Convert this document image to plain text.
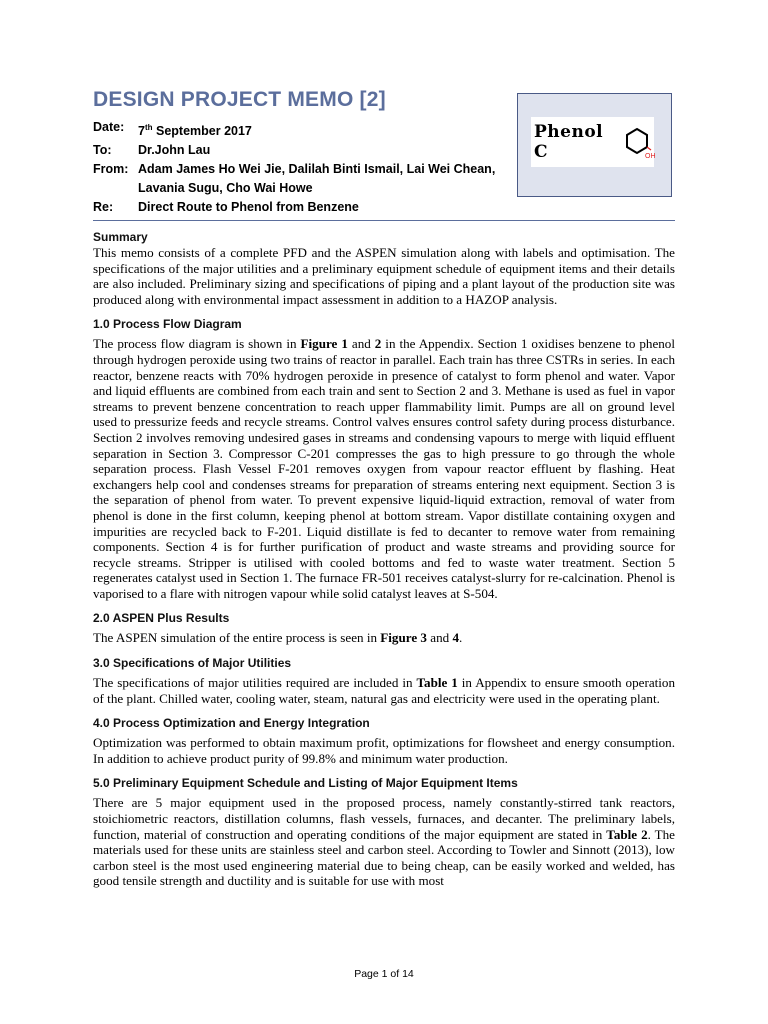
DESIGN PROJECT MEMO [2]
Date:	7th September 2017
To:	Dr.John Lau
From: Adam James Ho Wei Jie, Dalilah Binti Ismail, Lai Wei Chean, Lavania Sugu, Cho Wai Howe
Re:	Direct Route to Phenol from Benzene
Phenol C	OH
Summary

This memo consists of a complete PFD and the ASPEN simulation along with labels and optimisation. The specifications of the major utilities and a preliminary equipment schedule of equipment items and their details are also included. Preliminary sizing and specifications of piping and a plant layout of the production site was produced along with environmental impact assessment in addition to a HAZOP analysis.

1.0 Process Flow Diagram

The process flow diagram is shown in Figure 1 and 2 in the Appendix. Section 1 oxidises benzene to phenol through hydrogen peroxide using two trains of reactor in parallel. Each train has three CSTRs in series. In each reactor, benzene reacts with 70% hydrogen peroxide in presence of catalyst to form phenol and water. Vapor and liquid effluents are combined from each train and sent to Section 2 and 3. Methane is used as fuel in vapor streams to prevent benzene concentration to reach upper flammability limit. Pumps are all on ground level used to pressurize feeds and recycle streams. Control valves ensures control safety during process disturbance. Section 2 involves removing undesired gases in streams and condensing vapours to merge with liquid effluent separation in Section 3. Compressor C-201 compresses the gas to high pressure to go through the whole separation process. Flash Vessel F-201 removes oxygen from vapour reactor effluent by flashing. Heat exchangers help cool and condenses streams for preparation of streams entering next equipment. Section 3 is the separation of phenol from water. To prevent expensive liquid-liquid extraction, removal of water from phenol is done in the first column, keeping phenol at bottom stream. Vapor distillate containing oxygen and impurities are recycled back to F-201. Liquid distillate is fed to decanter to remove water from remaining components. Section 4 is for further purification of product and waste streams and providing source for recycle streams. Stripper is utilised with cooled bottoms and fed to waste water treatment. Section 5 regenerates catalyst used in Section 1. The furnace FR-501 receives catalyst-slurry for re-calcination. Phenol is vaporised to a flare with nitrogen vapour while solid catalyst leaves at S-504.

2.0 ASPEN Plus Results

The ASPEN simulation of the entire process is seen in Figure 3 and 4.

3.0 Specifications of Major Utilities

The specifications of major utilities required are included in Table 1 in Appendix to ensure smooth operation of the plant. Chilled water, cooling water, steam, natural gas and electricity were used in the operating plant.

4.0 Process Optimization and Energy Integration

Optimization was performed to obtain maximum profit, optimizations for flowsheet and energy consumption. In addition to achieve product purity of 99.8% and minimum water production.

5.0 Preliminary Equipment Schedule and Listing of Major Equipment Items

There are 5 major equipment used in the proposed process, namely constantly-stirred tank reactors, stoichiometric reactors, distillation columns, flash vessels, furnaces, and decanter. The preliminary labels, function, material of construction and operating conditions of the major equipment are stated in Table 2. The materials used for these units are stainless steel and carbon steel. According to Towler and Sinnott (2013), low carbon steel is the most used engineering material due to being cheap, can be easily worked and welded, has good tensile strength and ductility and is suitable for use with most

Page 1 of 14
